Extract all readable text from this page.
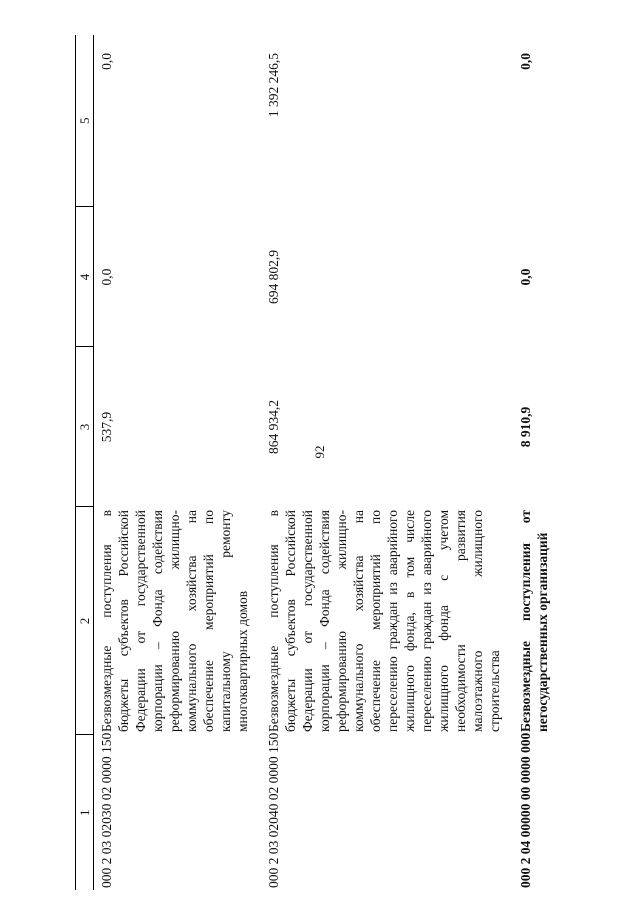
92
1	2	3	4	5
000 2 03 02030 02 0000 150	Безвозмездные поступления в бюджеты субъектов Российской Федерации от государственной корпорации – Фонда содействия реформированию жилищно-коммунального хозяйства на обеспечение мероприятий по капитальному ремонту многоквартирных домов	537,9	0,0	0,0
000 2 03 02040 02 0000 150	Безвозмездные поступления в бюджеты субъектов Российской Федерации от государственной корпорации – Фонда содействия реформированию жилищно-коммунального хозяйства на обеспечение мероприятий по переселению граждан из аварийного жилищного фонда, в том числе переселению граждан из аварийного жилищного фонда с учетом необходимости развития малоэтажного жилищного строительства	864 934,2	694 802,9	1 392 246,5
000 2 04 00000 00 0000 000	Безвозмездные поступления от негосударственных организаций	8 910,9	0,0	0,0
